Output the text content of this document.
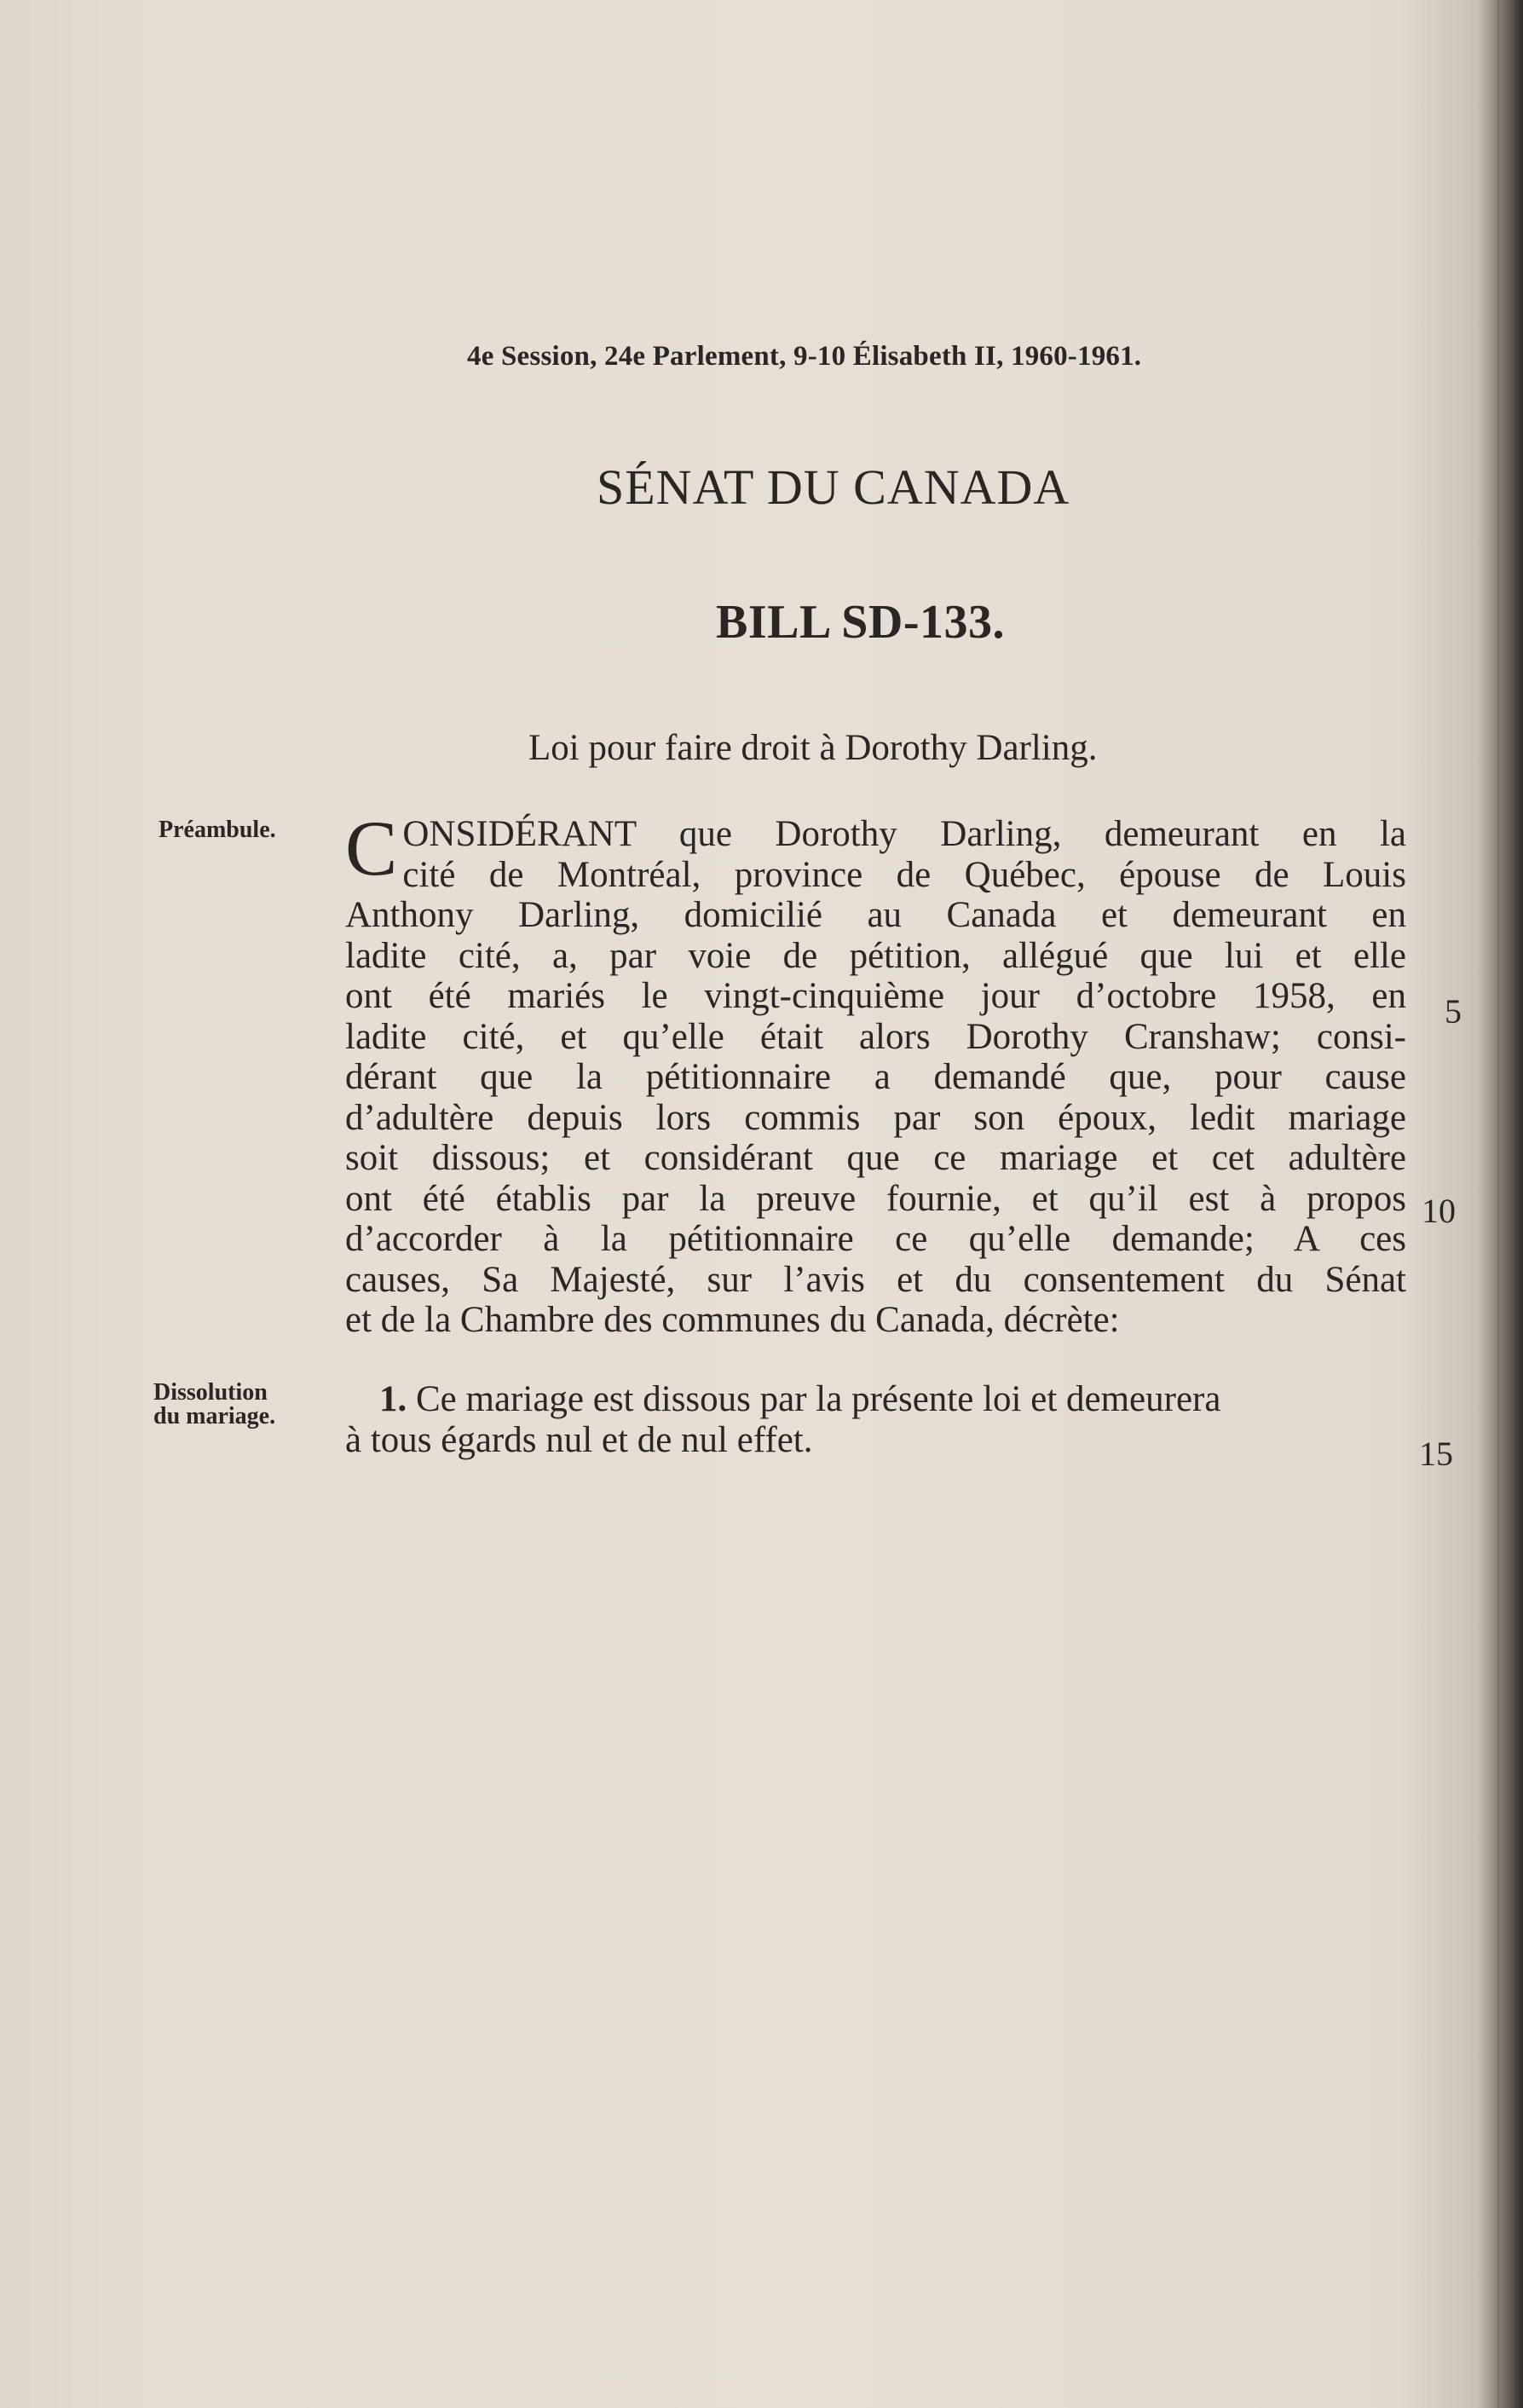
4e Session, 24e Parlement, 9-10 Élisabeth II, 1960-1961.
SÉNAT DU CANADA
BILL SD-133.
Loi pour faire droit à Dorothy Darling.
Préambule.
Dissolution
du mariage.
C ONSIDÉRANT que Dorothy Darling, demeurant en la
cité de Montréal, province de Québec, épouse de Louis
Anthony Darling, domicilié au Canada et demeurant en
ladite cité, a, par voie de pétition, allégué que lui et elle
ont été mariés le vingt-cinquième jour d’octobre 1958, en
ladite cité, et qu’elle était alors Dorothy Cranshaw; consi-
dérant que la pétitionnaire a demandé que, pour cause
d’adultère depuis lors commis par son époux, ledit mariage
soit dissous; et considérant que ce mariage et cet adultère
ont été établis par la preuve fournie, et qu’il est à propos
d’accorder à la pétitionnaire ce qu’elle demande; A ces
causes, Sa Majesté, sur l’avis et du consentement du Sénat
et de la Chambre des communes du Canada, décrète:
1. Ce mariage est dissous par la présente loi et demeurera
à tous égards nul et de nul effet.
5
10
15
